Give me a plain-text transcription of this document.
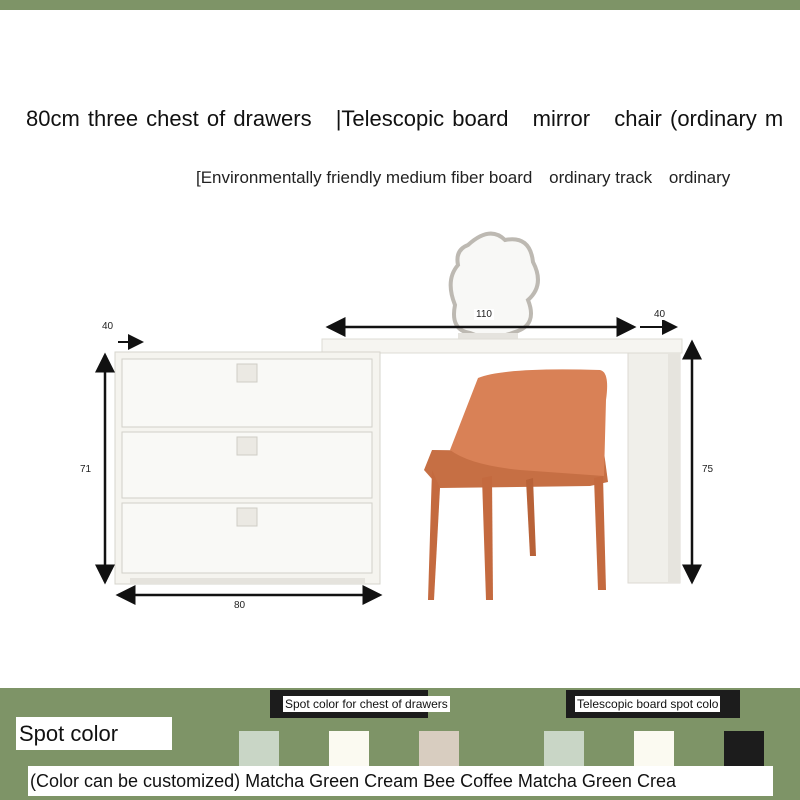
80cm three chest of drawers |Telescopic board mirror chair (ordinary m
[Environmentally friendly medium fiber board ordinary track ordinary
40
110	40
71	75
80
Spot color
Spot color for chest of drawers	Telescopic board spot colo
(Color can be customized) Matcha Green Cream Bee Coffee Matcha Green Crea
